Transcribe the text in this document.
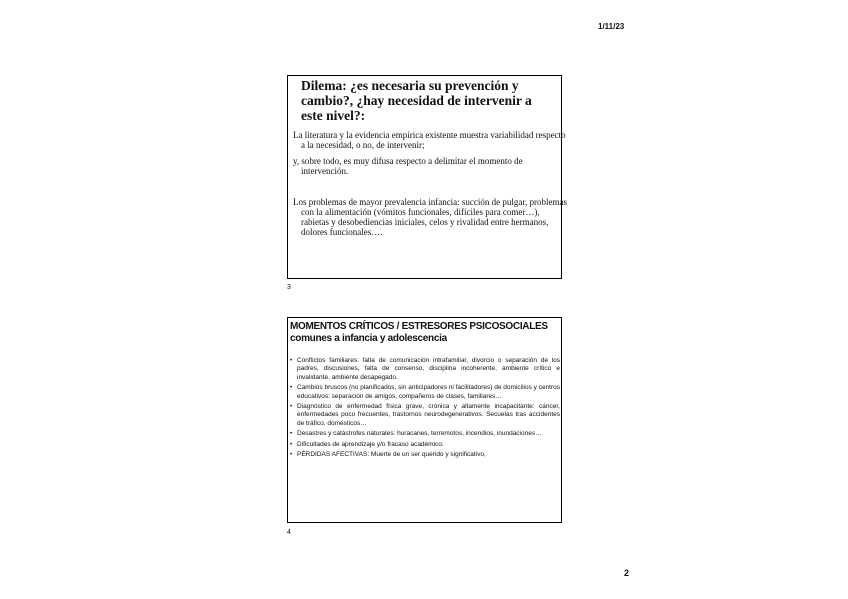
1/11/23
Dilema: ¿es necesaria su prevención y cambio?, ¿hay necesidad de intervenir a este nivel?:
La literatura y la evidencia empírica existente muestra variabilidad respecto a la necesidad, o no, de intervenir;
y, sobre todo, es muy difusa respecto a delimitar el momento de intervención.
Los problemas de mayor prevalencia infancia: succión de pulgar, problemas con la alimentación (vómitos funcionales, difíciles para comer…), rabietas y desobediencias iniciales, celos y rivalidad entre hermanos, dolores funcionales….
3
MOMENTOS CRÍTICOS / ESTRESORES PSICOSOCIALES comunes a infancia y adolescencia
• Conflictos familiares: falta de comunicación intrafamiliar, divorcio o separación de los padres, discusiones, falta de consenso, disciplina incoherente, ambiente crítico e invalidante, ambiente desapegado.
• Cambios bruscos (no planificados, sin anticipadores ni facilitadores) de domicilios y centros educativos: separación de amigos, compañeros de clases, familiares…
• Diagnóstico de enfermedad física grave, crónica y altamente incapacitante: cáncer, enfermedades poco frecuentes, trastornos neurodegenerativos. Secuelas tras accidentes de tráfico, domésticos…
• Desastres y catástrofes naturales: huracanes, terremotos, incendios, inundaciones…
• Dificultades de aprendizaje y/o fracaso académico.
• PÉRDIDAS AFECTIVAS: Muerte de un ser querido y significativo,
4
2
